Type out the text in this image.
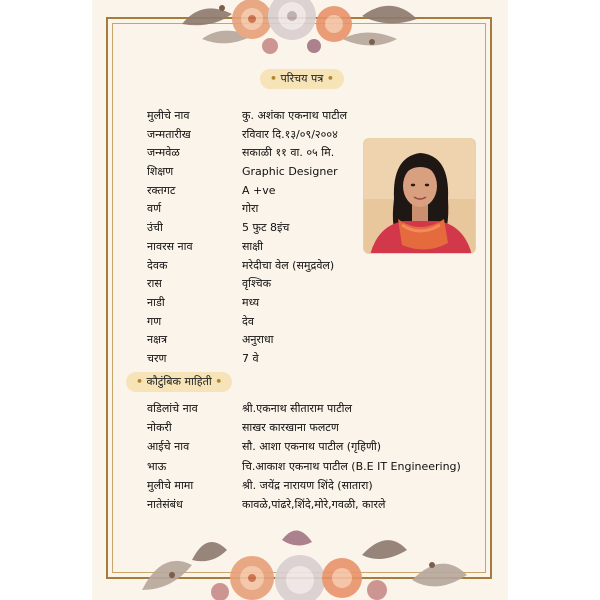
• परिचय पत्र •
मुलीचे नाव	कु. अशंका एकनाथ पाटील
जन्मतारीख	रविवार दि.१३/०९/२००४
जन्मवेळ	सकाळी ११ वा. ०५ मि.
शिक्षण	Graphic Designer
रक्तगट	A +ve
वर्ण	गोरा
उंची	5 फुट 8इंच
नावरस नाव	साक्षी
देवक	मरेदीचा वेल (समुद्रवेल)
रास	वृश्चिक
नाडी	मध्य
गण	देव
नक्षत्र	अनुराधा
चरण	7 वे
• कौटुंबिक माहिती •
वडिलांचे नाव	श्री.एकनाथ सीताराम पाटील
नोकरी	साखर कारखाना फलटण
आईचे नाव	सौ. आशा एकनाथ पाटील (गृहिणी)
भाऊ	चि.आकाश एकनाथ पाटील (B.E IT Engineering)
मुलीचे मामा	श्री. जयेंद्र नारायण शिंदे (सातारा)
नातेसंबंध	कावळे,पांढरे,शिंदे,मोरे,गवळी, कारले
